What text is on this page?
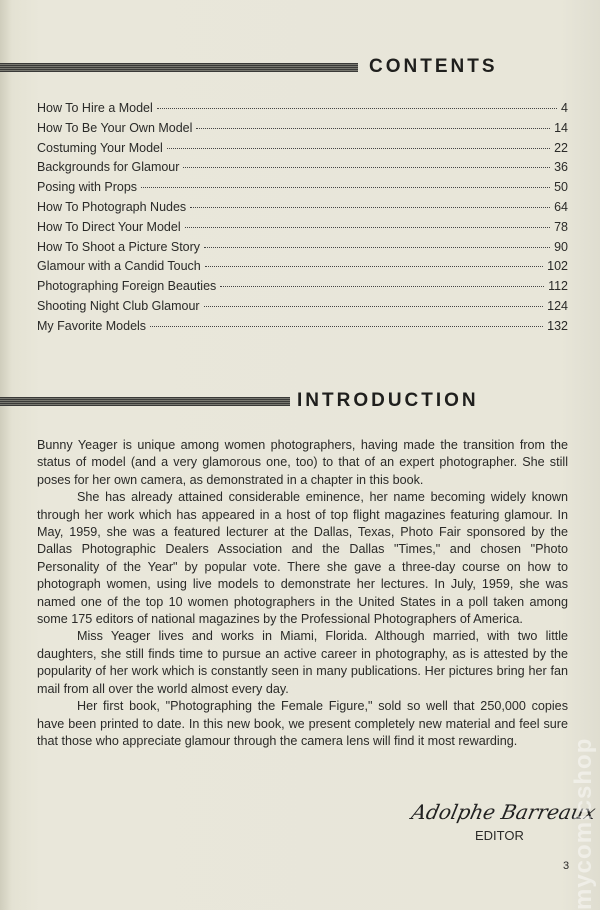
CONTENTS
How To Hire a Model	4
How To Be Your Own Model	14
Costuming Your Model	22
Backgrounds for Glamour	36
Posing with Props	50
How To Photograph Nudes	64
How To Direct Your Model	78
How To Shoot a Picture Story	90
Glamour with a Candid Touch	102
Photographing Foreign Beauties	112
Shooting Night Club Glamour	124
My Favorite Models	132
INTRODUCTION

Bunny Yeager is unique among women photographers, having made the transition from the status of model (and a very glamorous one, too) to that of an expert photographer. She still poses for her own camera, as demonstrated in a chapter in this book.

She has already attained considerable eminence, her name becoming widely known through her work which has appeared in a host of top flight magazines featuring glamour. In May, 1959, she was a featured lecturer at the Dallas, Texas, Photo Fair sponsored by the Dallas Photographic Dealers Association and the Dallas "Times," and chosen "Photo Personality of the Year" by popular vote. There she gave a three-day course on how to photograph women, using live models to demonstrate her lectures. In July, 1959, she was named one of the top 10 women photographers in the United States in a poll taken among some 175 editors of national magazines by the Professional Photographers of America.

Miss Yeager lives and works in Miami, Florida. Although married, with two little daughters, she still finds time to pursue an active career in photography, as is attested by the popularity of her work which is constantly seen in many publications. Her pictures bring her fan mail from all over the world almost every day.

Her first book, "Photographing the Female Figure," sold so well that 250,000 copies have been printed to date. In this new book, we present completely new material and feel sure that those who appreciate glamour through the camera lens will find it most rewarding.

Adolphe Barreaux
EDITOR
3 mycomicshop
